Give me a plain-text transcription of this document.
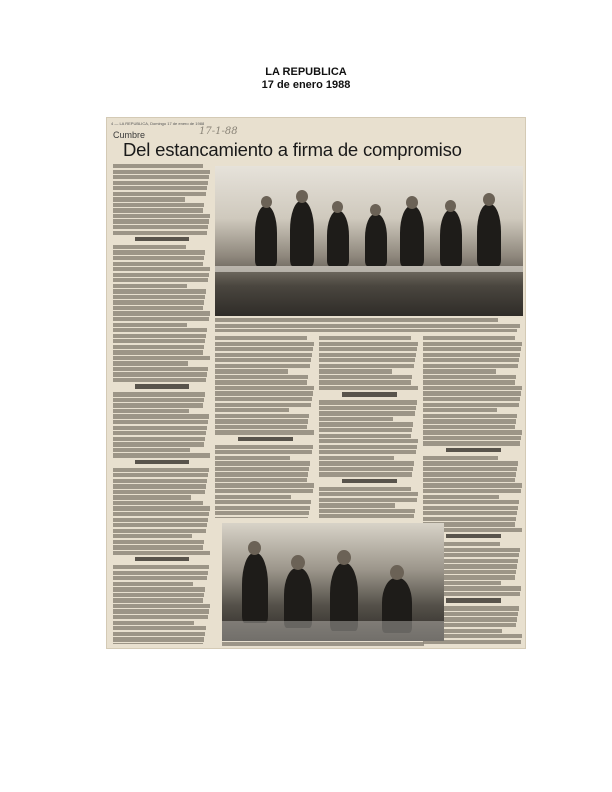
LA REPUBLICA
17 de enero 1988
4 — LA REPUBLICA, Domingo 17 de enero de 1988
17-1-88
Cumbre
Del estancamiento a firma de compromiso
